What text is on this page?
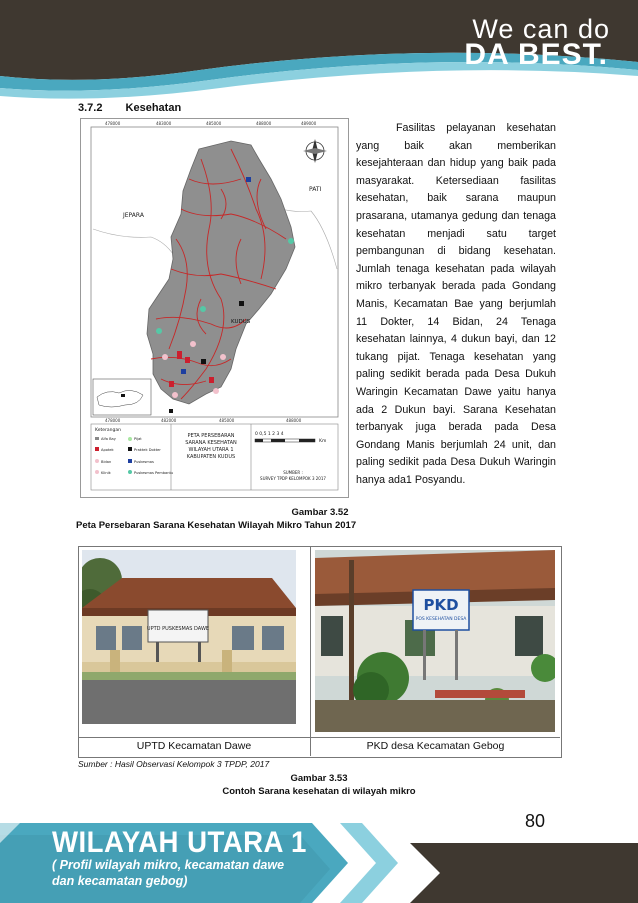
We can do
DA BEST.
3.7.2 Kesehatan
478000	483000	485000	488000	489000
478000	482000	485000	488000
JEPARA
PATI
KUDUS
Keterangan
Alfa Bay
Apotek
Bidan
Klinik
Pijat
Praktek Dokter
Puskesmas
Puskesmas Pembantu
PETA PERSEBARAN
SARANA KESEHATAN
WILAYAH UTARA 1
KABUPATEN KUDUS
0 0,5 1 2 3 4
Km
SUMBER :
SURVEY TPDP KELOMPOK 3 2017
Fasilitas pelayanan kesehatan yang baik akan memberikan kesejahteraan dan hidup yang baik pada masyarakat. Ketersediaan fasilitas kesehatan, baik sarana maupun prasarana, utamanya gedung dan tenaga kesehatan menjadi satu target pembangunan di bidang kesehatan. Jumlah tenaga kesehatan pada wilayah mikro terbanyak berada pada Gondang Manis, Kecamatan Bae yang berjumlah 11 Dokter, 14 Bidan, 24 Tenaga kesehatan lainnya, 4 dukun bayi, dan 12 tukang pijat. Tenaga kesehatan yang paling sedikit berada pada Desa Dukuh Waringin Kecamatan Dawe yaitu hanya ada 2 Dukun bayi. Sarana Kesehatan terbanyak juga berada pada Desa Gondang Manis berjumlah 24 unit, dan paling sedikit pada Desa Dukuh Waringin hanya ada1 Posyandu.
Gambar 3.52
Peta Persebaran Sarana Kesehatan Wilayah Mikro Tahun 2017
UPTD PUSKESMAS DAWE
PKD
POS KESEHATAN DESA
UPTD Kecamatan Dawe	PKD desa Kecamatan Gebog
Sumber : Hasil Observasi Kelompok 3 TPDP, 2017
Gambar 3.53
Contoh Sarana kesehatan di wilayah mikro
80
WILAYAH UTARA 1
( Profil wilayah mikro, kecamatan dawe
dan kecamatan gebog)
